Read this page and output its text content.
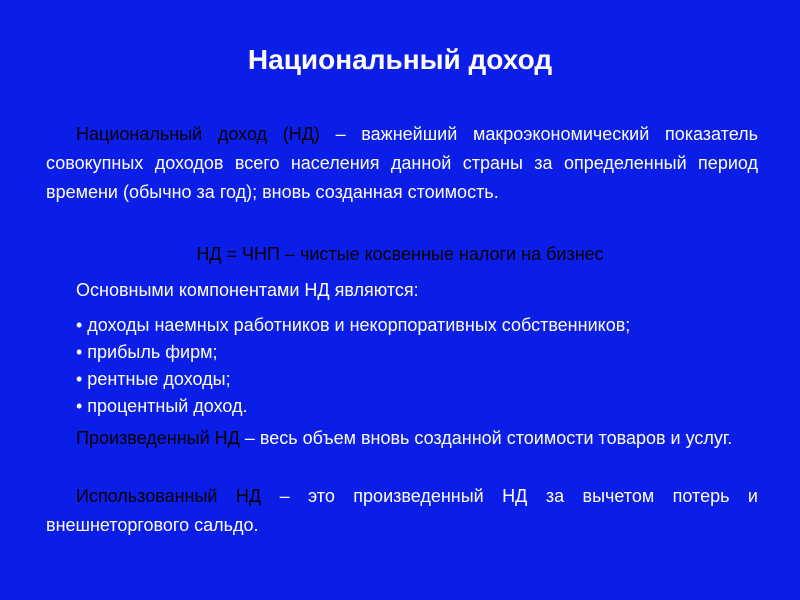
Национальный доход
Национальный доход (НД) – важнейший макроэкономический показатель совокупных доходов всего населения данной страны за определенный период времени (обычно за год); вновь созданная стоимость.
НД = ЧНП – чистые косвенные налоги на бизнес
Основными компонентами НД являются:
• доходы наемных работников и некорпоративных собственников;
• прибыль фирм;
• рентные доходы;
• процентный доход.
Произведенный НД – весь объем вновь созданной стоимости товаров и услуг.
Использованный НД – это произведенный НД за вычетом потерь и внешнеторгового сальдо.
